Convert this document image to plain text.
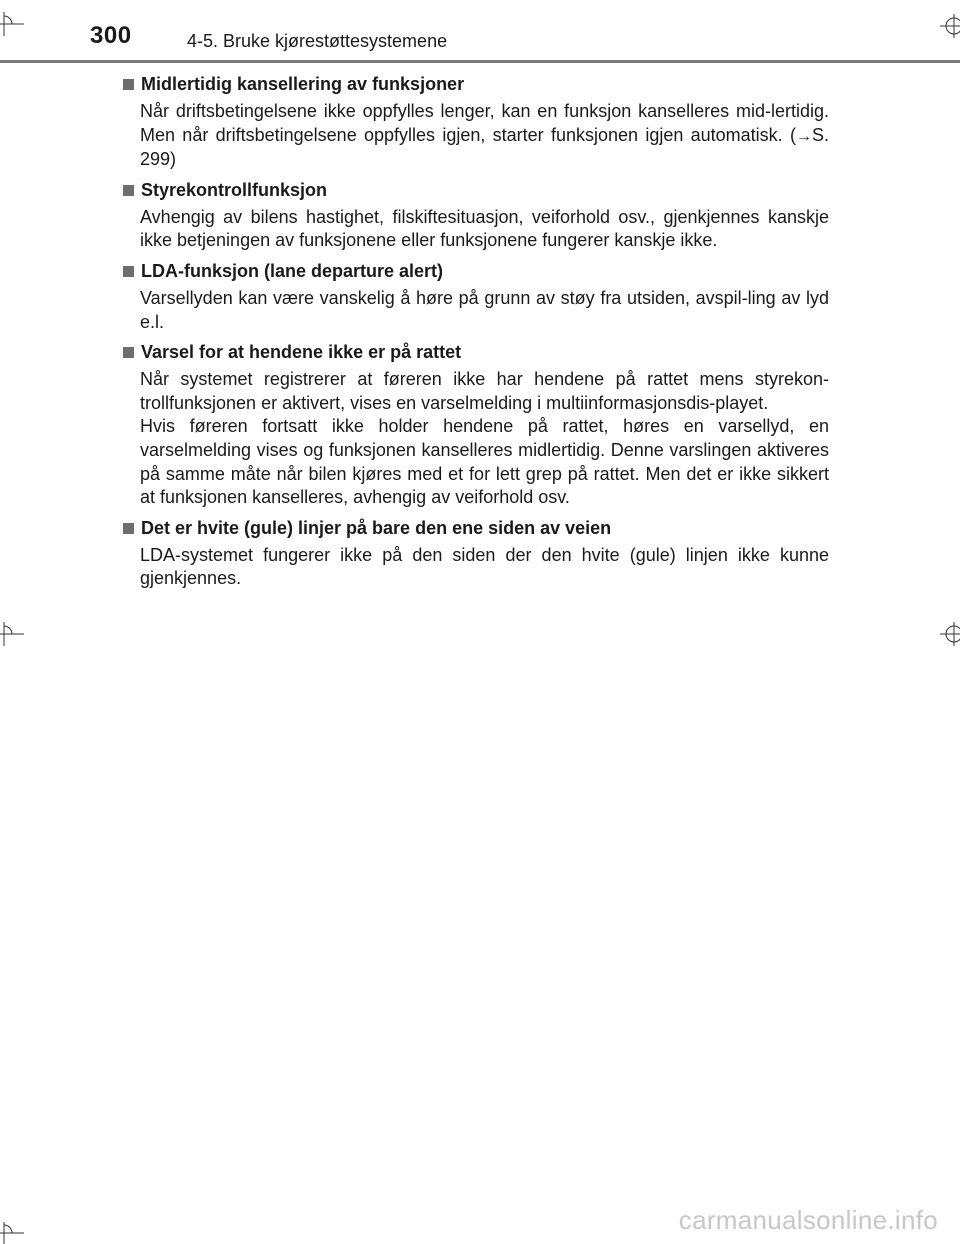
300	4-5. Bruke kjørestøttesystemene
Midlertidig kansellering av funksjoner

Når driftsbetingelsene ikke oppfylles lenger, kan en funksjon kanselleres mid-lertidig. Men når driftsbetingelsene oppfylles igjen, starter funksjonen igjen automatisk. (→S. 299)

Styrekontrollfunksjon

Avhengig av bilens hastighet, filskiftesituasjon, veiforhold osv., gjenkjennes kanskje ikke betjeningen av funksjonene eller funksjonene fungerer kanskje ikke.

LDA-funksjon (lane departure alert)

Varsellyden kan være vanskelig å høre på grunn av støy fra utsiden, avspil-ling av lyd e.l.

Varsel for at hendene ikke er på rattet

Når systemet registrerer at føreren ikke har hendene på rattet mens styrekon-trollfunksjonen er aktivert, vises en varselmelding i multiinformasjonsdis-playet.

Hvis føreren fortsatt ikke holder hendene på rattet, høres en varsellyd, en varselmelding vises og funksjonen kanselleres midlertidig. Denne varslingen aktiveres på samme måte når bilen kjøres med et for lett grep på rattet. Men det er ikke sikkert at funksjonen kanselleres, avhengig av veiforhold osv.

Det er hvite (gule) linjer på bare den ene siden av veien

LDA-systemet fungerer ikke på den siden der den hvite (gule) linjen ikke kunne gjenkjennes.

carmanualsonline.info
